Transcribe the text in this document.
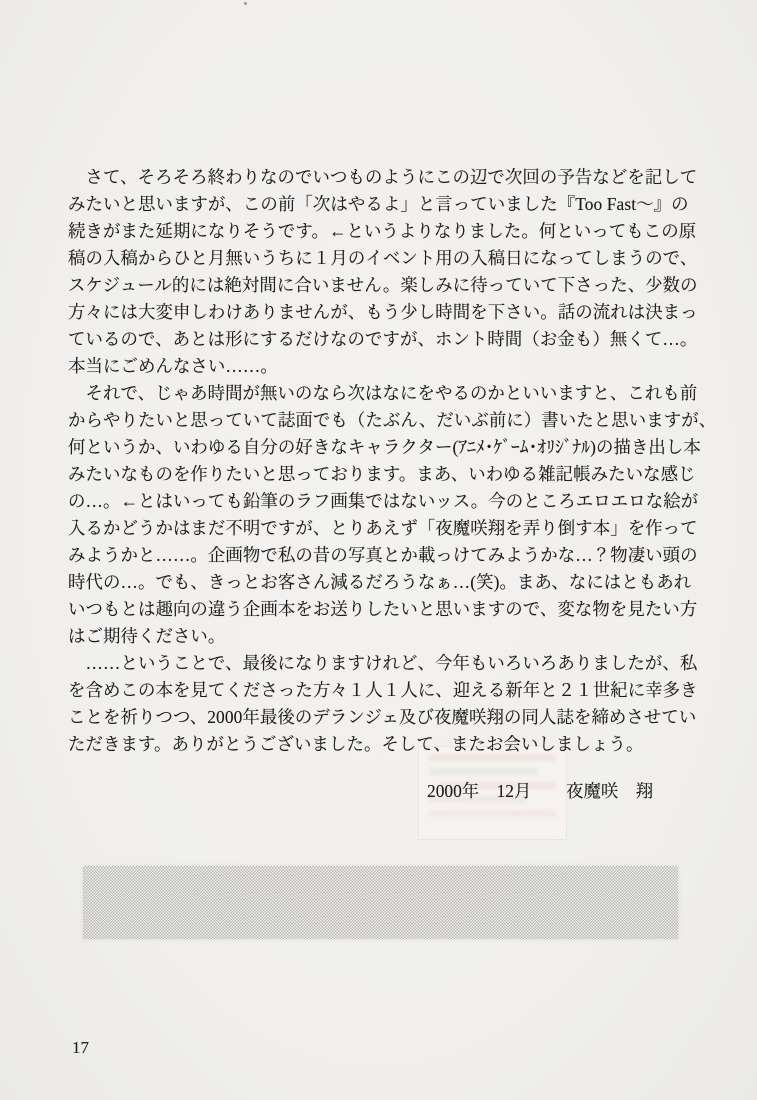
　さて、そろそろ終わりなのでいつものようにこの辺で次回の予告などを記して
みたいと思いますが、この前「次はやるよ」と言っていました『Too Fast〜』の
続きがまた延期になりそうです。←というよりなりました。何といってもこの原
稿の入稿からひと月無いうちに１月のイベント用の入稿日になってしまうので、
スケジュール的には絶対間に合いません。楽しみに待っていて下さった、少数の
方々には大変申しわけありませんが、もう少し時間を下さい。話の流れは決まっ
ているので、あとは形にするだけなのですが、ホント時間（お金も）無くて…。
本当にごめんなさい……。
　それで、じゃあ時間が無いのなら次はなにをやるのかといいますと、これも前
からやりたいと思っていて誌面でも（たぶん、だいぶ前に）書いたと思いますが、
何というか、いわゆる自分の好きなキャラクター(ｱﾆﾒ･ｹﾞｰﾑ･ｵﾘｼﾞﾅﾙ)の描き出し本
みたいなものを作りたいと思っております。まあ、いわゆる雑記帳みたいな感じ
の…。←とはいっても鉛筆のラフ画集ではないッス。今のところエロエロな絵が
入るかどうかはまだ不明ですが、とりあえず「夜魔咲翔を弄り倒す本」を作って
みようかと……。企画物で私の昔の写真とか載っけてみようかな…？物凄い頭の
時代の…。でも、きっとお客さん減るだろうなぁ…(笑)。まあ、なにはともあれ
いつもとは趣向の違う企画本をお送りしたいと思いますので、変な物を見たい方
はご期待ください。
　……ということで、最後になりますけれど、今年もいろいろありましたが、私
を含めこの本を見てくださった方々１人１人に、迎える新年と２１世紀に幸多き
ことを祈りつつ、2000年最後のデランジェ及び夜魔咲翔の同人誌を締めさせてい
ただきます。ありがとうございました。そして、またお会いしましょう。
2000年　12月　　夜魔咲　翔
17
